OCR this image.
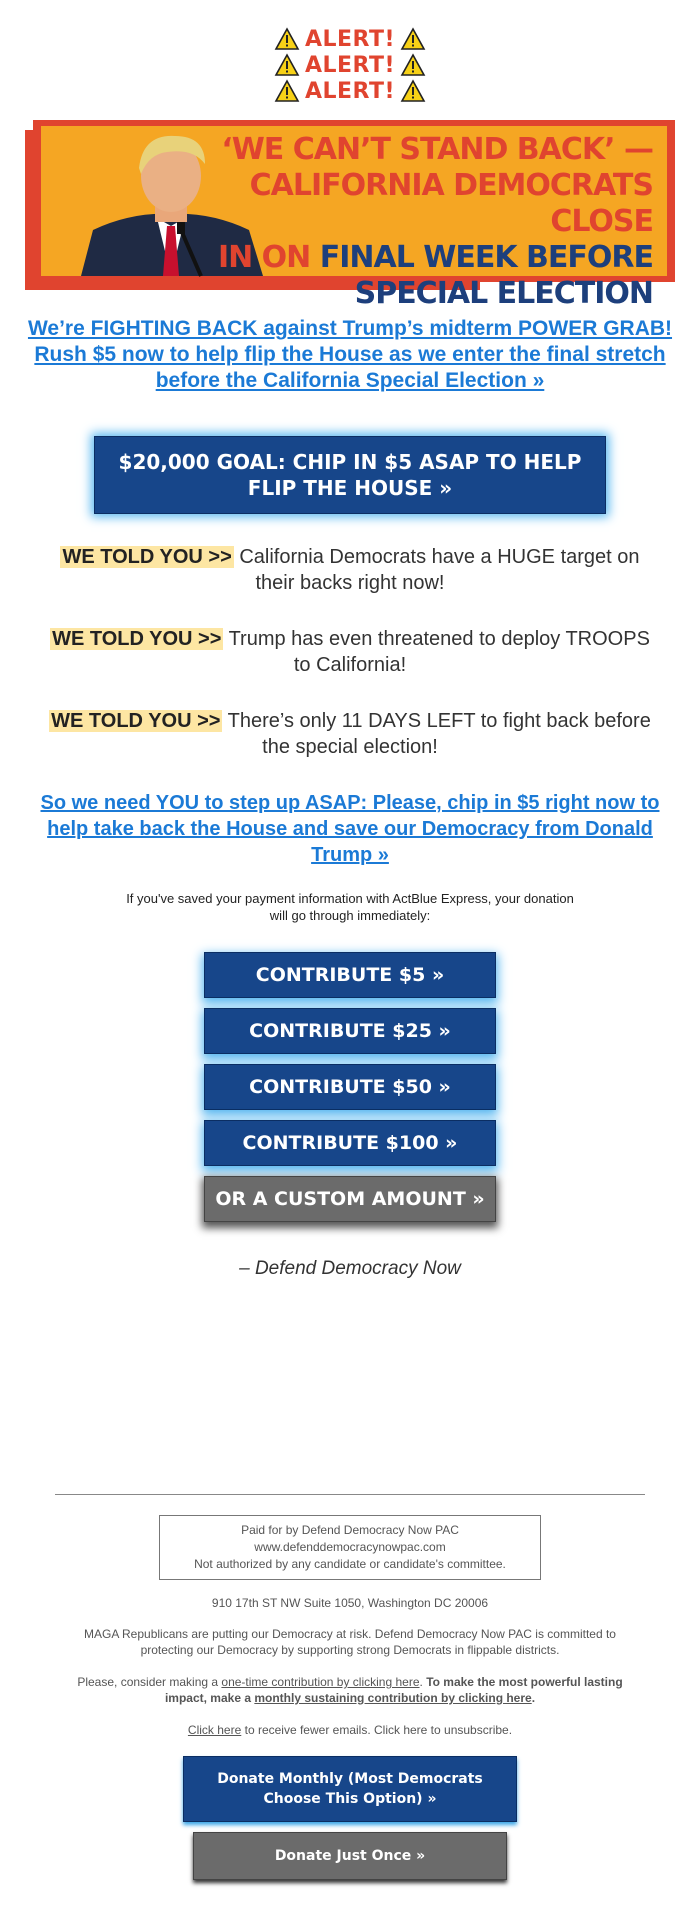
ALERT!
ALERT!
ALERT!
‘WE CAN’T STAND BACK’ —
CALIFORNIA DEMOCRATS CLOSE
IN ON FINAL WEEK BEFORE
SPECIAL ELECTION
We’re FIGHTING BACK against Trump’s midterm POWER GRAB! Rush $5 now to help flip the House as we enter the final stretch before the California Special Election »
$20,000 GOAL: CHIP IN $5 ASAP TO HELP FLIP THE HOUSE »

WE TOLD YOU >> California Democrats have a HUGE target on their backs right now!

WE TOLD YOU >> Trump has even threatened to deploy TROOPS to California!

WE TOLD YOU >> There’s only 11 DAYS LEFT to fight back before the special election!

So we need YOU to step up ASAP: Please, chip in $5 right now to help take back the House and save our Democracy from Donald Trump »

If you've saved your payment information with ActBlue Express, your donation will go through immediately:

CONTRIBUTE $5 »
CONTRIBUTE $25 »
CONTRIBUTE $50 »
CONTRIBUTE $100 »
OR A CUSTOM AMOUNT »

– Defend Democracy Now

Paid for by Defend Democracy Now PAC
www.defenddemocracynowpac.com
Not authorized by any candidate or candidate's committee.
910 17th ST NW Suite 1050, Washington DC 20006

MAGA Republicans are putting our Democracy at risk. Defend Democracy Now PAC is committed to protecting our Democracy by supporting strong Democrats in flippable districts.

Please, consider making a one-time contribution by clicking here. To make the most powerful lasting impact, make a monthly sustaining contribution by clicking here.

Click here to receive fewer emails. Click here to unsubscribe.

Donate Monthly (Most Democrats Choose This Option) »
Donate Just Once »
